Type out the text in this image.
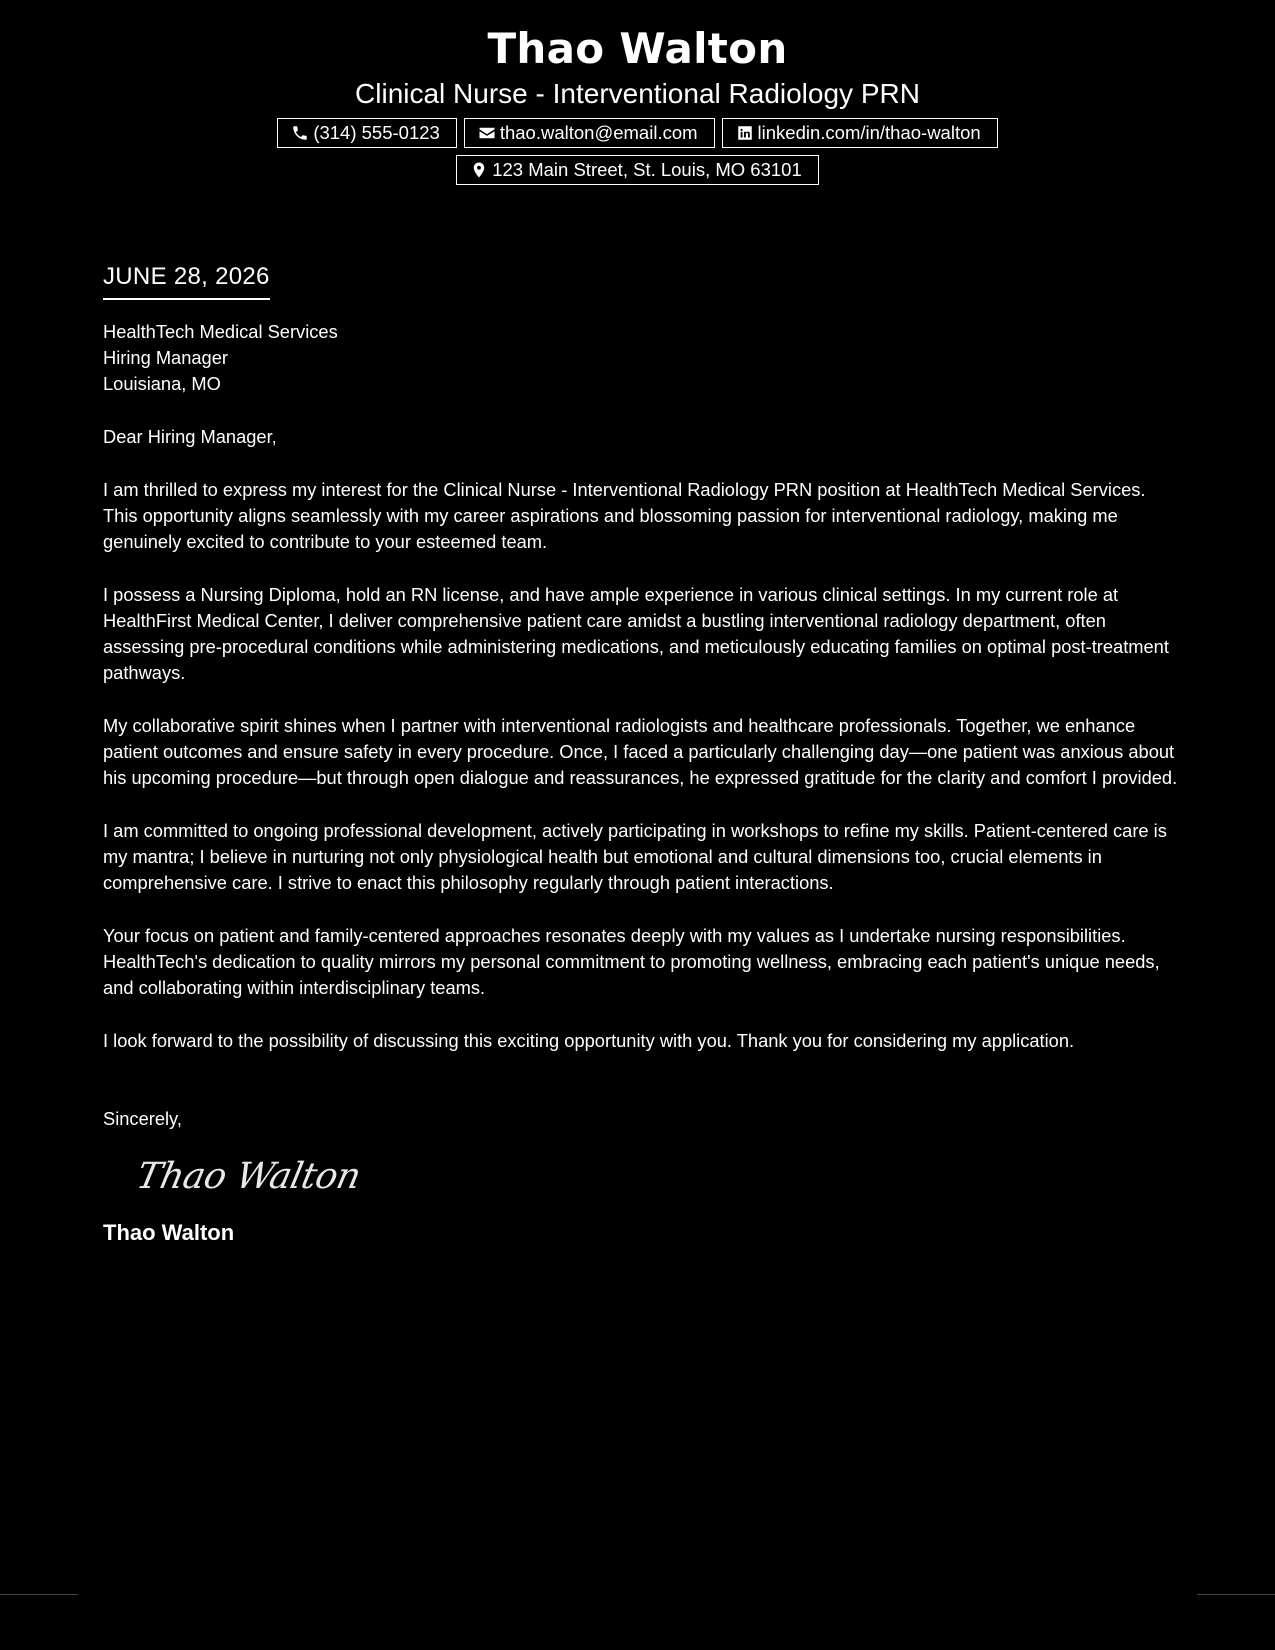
Thao Walton
Clinical Nurse - Interventional Radiology PRN
(314) 555-0123	thao.walton@email.com	linkedin.com/in/thao-walton
123 Main Street, St. Louis, MO 63101
JUNE 28, 2026
HealthTech Medical Services
Hiring Manager
Louisiana, MO

Dear Hiring Manager,

I am thrilled to express my interest for the Clinical Nurse - Interventional Radiology PRN position at HealthTech Medical Services. This opportunity aligns seamlessly with my career aspirations and blossoming passion for interventional radiology, making me genuinely excited to contribute to your esteemed team.

I possess a Nursing Diploma, hold an RN license, and have ample experience in various clinical settings. In my current role at HealthFirst Medical Center, I deliver comprehensive patient care amidst a bustling interventional radiology department, often assessing pre-procedural conditions while administering medications, and meticulously educating families on optimal post-treatment pathways.

My collaborative spirit shines when I partner with interventional radiologists and healthcare professionals. Together, we enhance patient outcomes and ensure safety in every procedure. Once, I faced a particularly challenging day—one patient was anxious about his upcoming procedure—but through open dialogue and reassurances, he expressed gratitude for the clarity and comfort I provided.

I am committed to ongoing professional development, actively participating in workshops to refine my skills. Patient-centered care is my mantra; I believe in nurturing not only physiological health but emotional and cultural dimensions too, crucial elements in comprehensive care. I strive to enact this philosophy regularly through patient interactions.

Your focus on patient and family-centered approaches resonates deeply with my values as I undertake nursing responsibilities. HealthTech's dedication to quality mirrors my personal commitment to promoting wellness, embracing each patient's unique needs, and collaborating within interdisciplinary teams.

I look forward to the possibility of discussing this exciting opportunity with you. Thank you for considering my application.

Sincerely,
Thao Walton
Thao Walton
